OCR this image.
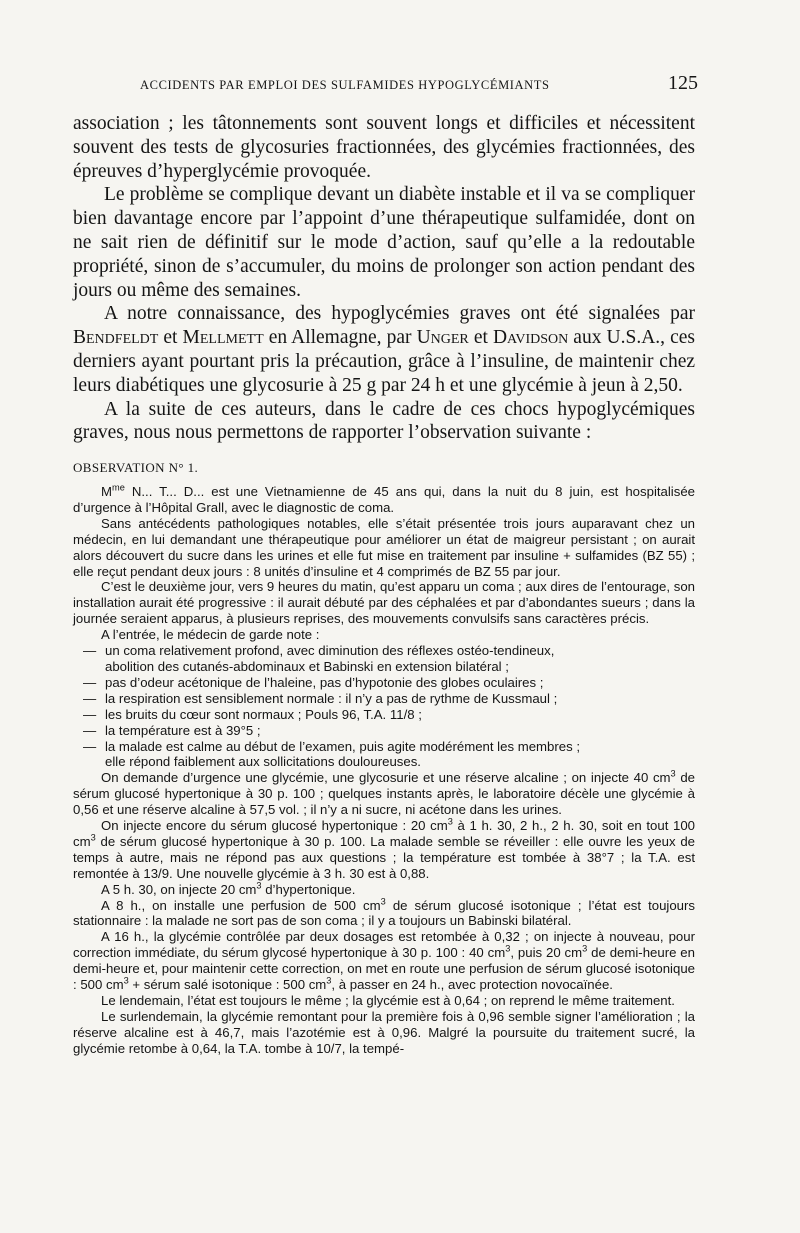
ACCIDENTS PAR EMPLOI DES SULFAMIDES HYPOGLYCÉMIANTS	125

association ; les tâtonnements sont souvent longs et difficiles et nécessitent souvent des tests de glycosuries fractionnées, des glycémies fractionnées, des épreuves d’hyperglycémie provoquée.

Le problème se complique devant un diabète instable et il va se compliquer bien davantage encore par l’appoint d’une thérapeutique sulfamidée, dont on ne sait rien de définitif sur le mode d’action, sauf qu’elle a la redoutable propriété, sinon de s’accumuler, du moins de prolonger son action pendant des jours ou même des semaines.

A notre connaissance, des hypoglycémies graves ont été signalées par Bendfeldt et Mellmett en Allemagne, par Unger et Davidson aux U.S.A., ces derniers ayant pourtant pris la précaution, grâce à l’insuline, de maintenir chez leurs diabétiques une glycosurie à 25 g par 24 h et une glycémie à jeun à 2,50.

A la suite de ces auteurs, dans le cadre de ces chocs hypoglycémiques graves, nous nous permettons de rapporter l’observation suivante :

OBSERVATION N° 1.

$M^{me}$ N... T... D... est une Vietnamienne de 45 ans qui, dans la nuit du 8 juin, est hospitalisée d’urgence à l’Hôpital Grall, avec le diagnostic de coma.

Sans antécédents pathologiques notables, elle s’était présentée trois jours auparavant chez un médecin, en lui demandant une thérapeutique pour améliorer un état de maigreur persistant ; on aurait alors découvert du sucre dans les urines et elle fut mise en traitement par insuline + sulfamides (BZ 55) ; elle reçut pendant deux jours : 8 unités d’insuline et 4 comprimés de BZ 55 par jour.

C’est le deuxième jour, vers 9 heures du matin, qu’est apparu un coma ; aux dires de l’entourage, son installation aurait été progressive : il aurait débuté par des céphalées et par d’abondantes sueurs ; dans la journée seraient apparus, à plusieurs reprises, des mouvements convulsifs sans caractères précis.

A l’entrée, le médecin de garde note :

— un coma relativement profond, avec diminution des réflexes ostéo-tendineux,
abolition des cutanés-abdominaux et Babinski en extension bilatéral ;
— pas d’odeur acétonique de l’haleine, pas d’hypotonie des globes oculaires ;
— la respiration est sensiblement normale : il n’y a pas de rythme de Kussmaul ;
— les bruits du cœur sont normaux ; Pouls 96, T.A. 11/8 ;
— la température est à 39°5 ;
— la malade est calme au début de l’examen, puis agite modérément les membres ;
elle répond faiblement aux sollicitations douloureuses.

On demande d’urgence une glycémie, une glycosurie et une réserve alcaline ; on injecte 40 $cm^3$ de sérum glucosé hypertonique à 30 p. 100 ; quelques instants après, le laboratoire décèle une glycémie à 0,56 et une réserve alcaline à 57,5 vol. ; il n’y a ni sucre, ni acétone dans les urines.

On injecte encore du sérum glucosé hypertonique : 20 $cm^3$ à 1 h. 30, 2 h., 2 h. 30, soit en tout 100 $cm^3$ de sérum glucosé hypertonique à 30 p. 100. La malade semble se réveiller : elle ouvre les yeux de temps à autre, mais ne répond pas aux questions ; la température est tombée à 38°7 ; la T.A. est remontée à 13/9. Une nouvelle glycémie à 3 h. 30 est à 0,88.

A 5 h. 30, on injecte 20 $cm^3$ d’hypertonique.

A 8 h., on installe une perfusion de 500 $cm^3$ de sérum glucosé isotonique ; l’état est toujours stationnaire : la malade ne sort pas de son coma ; il y a toujours un Babinski bilatéral.

A 16 h., la glycémie contrôlée par deux dosages est retombée à 0,32 ; on injecte à nouveau, pour correction immédiate, du sérum glycosé hypertonique à 30 p. 100 : 40 $cm^3$, puis 20 $cm^3$ de demi-heure en demi-heure et, pour maintenir cette correction, on met en route une perfusion de sérum glucosé isotonique : 500 $cm^3$ + sérum salé isotonique : 500 $cm^3$, à passer en 24 h., avec protection novocaïnée.

Le lendemain, l’état est toujours le même ; la glycémie est à 0,64 ; on reprend le même traitement.

Le surlendemain, la glycémie remontant pour la première fois à 0,96 semble signer l’amélioration ; la réserve alcaline est à 46,7, mais l’azotémie est à 0,96. Malgré la poursuite du traitement sucré, la glycémie retombe à 0,64, la T.A. tombe à 10/7, la tempé-
